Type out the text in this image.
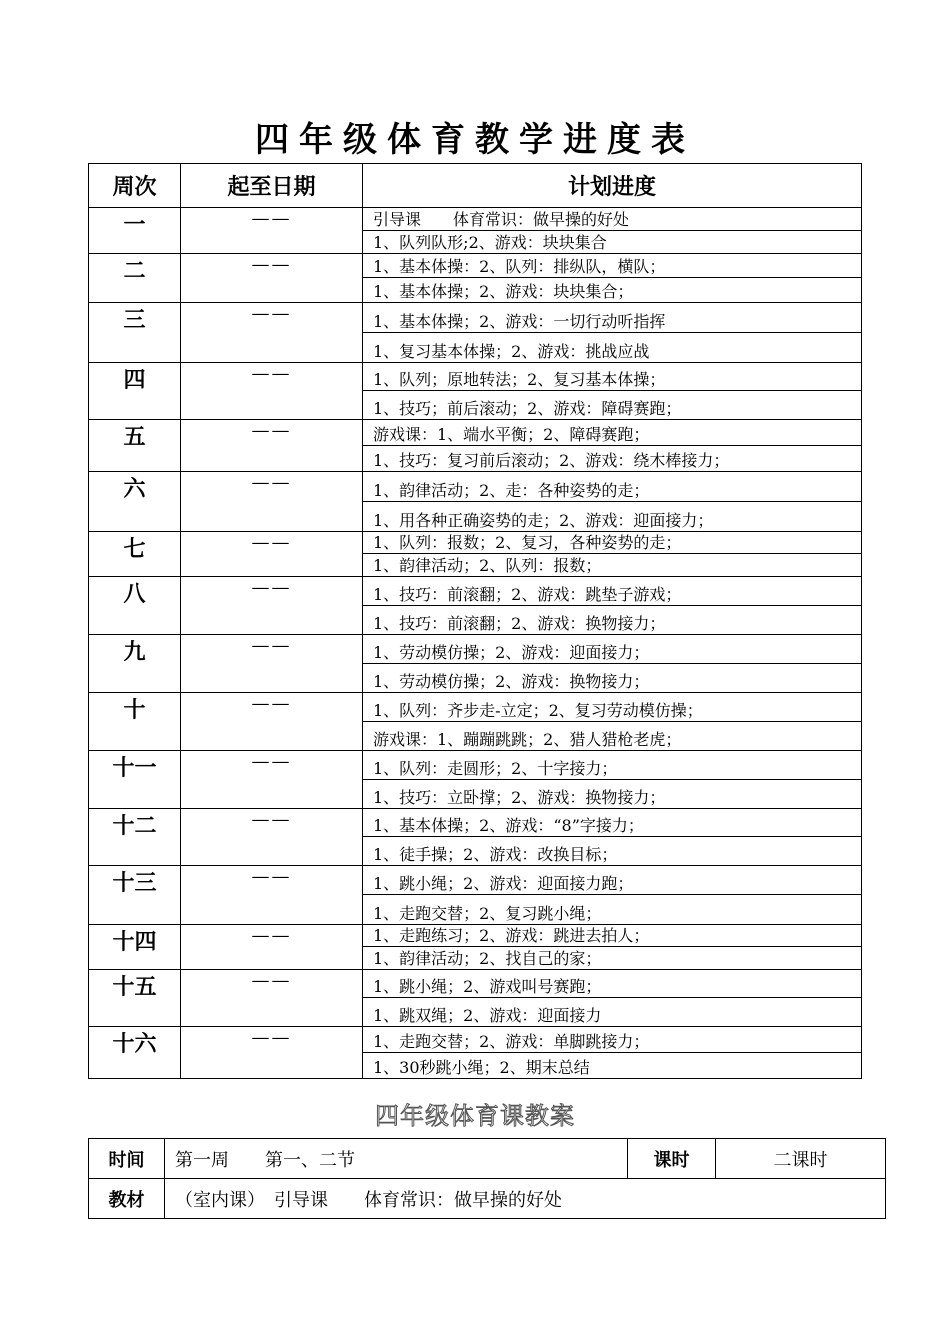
四年级体育教学进度表
周次	起至日期	计划进度
一	——	引导课　　体育常识：做早操的好处
1、队列队形;2、游戏：块块集合

二	——	1、基本体操：2、队列：排纵队，横队；
1、基本体操；2、游戏：块块集合；

三	——	1、基本体操；2、游戏：一切行动听指挥
1、复习基本体操；2、游戏：挑战应战

四	——	1、队列；原地转法；2、复习基本体操；
1、技巧；前后滚动；2、游戏：障碍赛跑；

五	——	游戏课：1、端水平衡；2、障碍赛跑；
1、技巧：复习前后滚动；2、游戏：绕木棒接力；

六	——	1、韵律活动；2、走：各种姿势的走；
1、用各种正确姿势的走；2、游戏：迎面接力；

七	——	1、队列：报数；2、复习，各种姿势的走；
1、韵律活动；2、队列：报数；

八	——	1、技巧：前滚翻；2、游戏：跳垫子游戏；
1、技巧：前滚翻；2、游戏：换物接力；

九	——	1、劳动模仿操；2、游戏：迎面接力；
1、劳动模仿操；2、游戏：换物接力；

十	——	1、队列：齐步走-立定；2、复习劳动模仿操；
游戏课：1、蹦蹦跳跳；2、猎人猎枪老虎；

十一	——	1、队列：走圆形；2、十字接力；
1、技巧：立卧撑；2、游戏：换物接力；

十二	——	1、基本体操；2、游戏：“8”字接力；
1、徒手操；2、游戏：改换目标；

十三	——	1、跳小绳；2、游戏：迎面接力跑；
1、走跑交替；2、复习跳小绳；

十四	——	1、走跑练习；2、游戏：跳进去拍人；
1、韵律活动；2、找自己的家；

十五	——	1、跳小绳；2、游戏叫号赛跑；
1、跳双绳；2、游戏：迎面接力

十六	——	1、走跑交替；2、游戏：单脚跳接力；
1、30秒跳小绳；2、期末总结
四年级体育课教案
时间	第一周　　第一、二节	课时	二课时
教材	（室内课）　引导课　　体育常识：做早操的好处		
